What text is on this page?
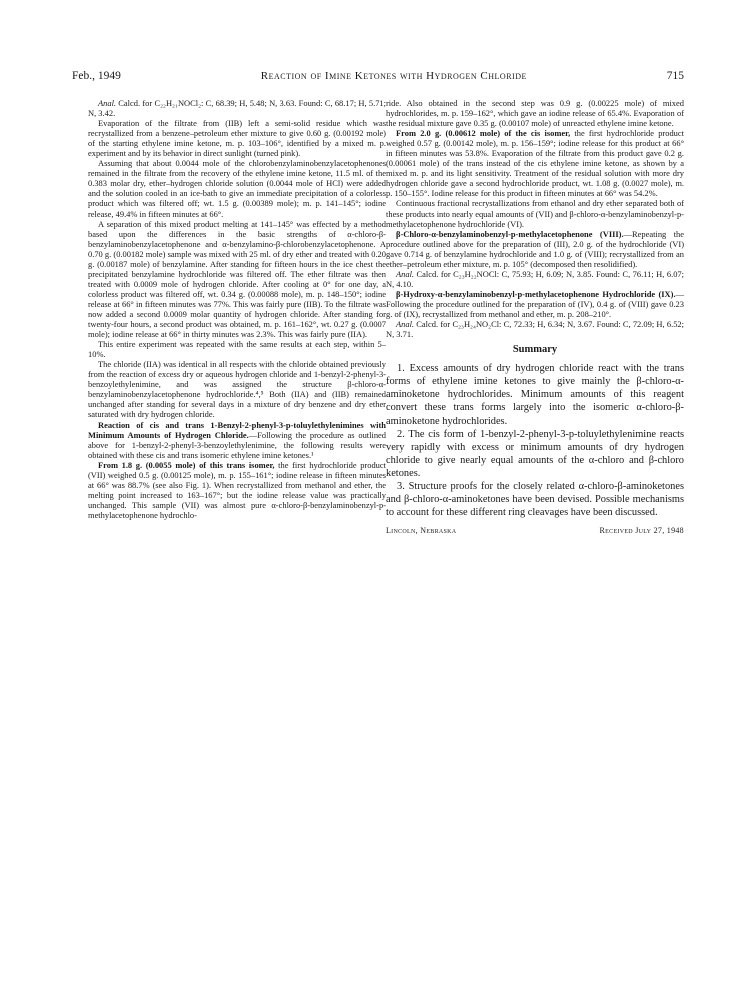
Feb., 1949	Reaction of Imine Ketones with Hydrogen Chloride	715

Anal. Calcd. for C₂₂H₂₁NOCl₂: C, 68.39; H, 5.48; N, 3.63. Found: C, 68.17; H, 5.71; N, 3.42.

Evaporation of the filtrate from (IIB) left a semi-solid residue which was recrystallized from a benzene–petroleum ether mixture to give 0.60 g. (0.00192 mole) of the starting ethylene imine ketone, m. p. 103–106°, identified by a mixed m. p. experiment and by its behavior in direct sunlight (turned pink).

Assuming that about 0.0044 mole of the chlorobenzylaminobenzylacetophenones remained in the filtrate from the recovery of the ethylene imine ketone, 11.5 ml. of the 0.383 molar dry, ether–hydrogen chloride solution (0.0044 mole of HCl) were added and the solution cooled in an ice-bath to give an immediate precipitation of a colorless product which was filtered off; wt. 1.5 g. (0.00389 mole); m. p. 141–145°; iodine release, 49.4% in fifteen minutes at 66°.

A separation of this mixed product melting at 141–145° was effected by a method based upon the differences in the basic strengths of α-chloro-β-benzylaminobenzylacetophenone and α-benzylamino-β-chlorobenzylacetophenone. A 0.70 g. (0.00182 mole) sample was mixed with 25 ml. of dry ether and treated with 0.20 g. (0.00187 mole) of benzylamine. After standing for fifteen hours in the ice chest the precipitated benzylamine hydrochloride was filtered off. The ether filtrate was then treated with 0.0009 mole of hydrogen chloride. After cooling at 0° for one day, a colorless product was filtered off, wt. 0.34 g. (0.00088 mole), m. p. 148–150°; iodine release at 66° in fifteen minutes was 77%. This was fairly pure (IIB). To the filtrate was now added a second 0.0009 molar quantity of hydrogen chloride. After standing for twenty-four hours, a second product was obtained, m. p. 161–162°, wt. 0.27 g. (0.0007 mole); iodine release at 66° in thirty minutes was 2.3%. This was fairly pure (IIA).

This entire experiment was repeated with the same results at each step, within 5–10%.

The chloride (IIA) was identical in all respects with the chloride obtained previously from the reaction of excess dry or aqueous hydrogen chloride and 1-benzyl-2-phenyl-3-benzoylethylenimine, and was assigned the structure β-chloro-α-benzylaminobenzylacetophenone hydrochloride.⁴,⁵ Both (IIA) and (IIB) remained unchanged after standing for several days in a mixture of dry benzene and dry ether saturated with dry hydrogen chloride.

Reaction of cis and trans 1-Benzyl-2-phenyl-3-p-toluylethylenimines with Minimum Amounts of Hydrogen Chloride.—Following the procedure as outlined above for 1-benzyl-2-phenyl-3-benzoylethylenimine, the following results were obtained with these cis and trans isomeric ethylene imine ketones.¹

From 1.8 g. (0.0055 mole) of this trans isomer, the first hydrochloride product (VII) weighed 0.5 g. (0.00125 mole), m. p. 155–161°; iodine release in fifteen minutes at 66° was 88.7% (see also Fig. 1). When recrystallized from methanol and ether, the melting point increased to 163–167°; but the iodine release value was practically unchanged. This sample (VII) was almost pure α-chloro-β-benzylaminobenzyl-p-methylacetophenone hydrochlo-

ride. Also obtained in the second step was 0.9 g. (0.00225 mole) of mixed hydrochlorides, m. p. 159–162°, which gave an iodine release of 65.4%. Evaporation of the residual mixture gave 0.35 g. (0.00107 mole) of unreacted ethylene imine ketone.

From 2.0 g. (0.00612 mole) of the cis isomer, the first hydrochloride product weighed 0.57 g. (0.00142 mole), m. p. 156–159°; iodine release for this product at 66° in fifteen minutes was 53.8%. Evaporation of the filtrate from this product gave 0.2 g. (0.00061 mole) of the trans instead of the cis ethylene imine ketone, as shown by a mixed m. p. and its light sensitivity. Treatment of the residual solution with more dry hydrogen chloride gave a second hydrochloride product, wt. 1.08 g. (0.0027 mole), m. p. 150–155°. Iodine release for this product in fifteen minutes at 66° was 54.2%.

Continuous fractional recrystallizations from ethanol and dry ether separated both of these products into nearly equal amounts of (VII) and β-chloro-α-benzylaminobenzyl-p-methylacetophenone hydrochloride (VI).

β-Chloro-α-benzylaminobenzyl-p-methylacetophenone (VIII).—Repeating the procedure outlined above for the preparation of (III), 2.0 g. of the hydrochloride (VI) gave 0.714 g. of benzylamine hydrochloride and 1.0 g. of (VIII); recrystallized from an ether–petroleum ether mixture, m. p. 105° (decomposed then resolidified).

Anal. Calcd. for C₂₃H₂₂NOCl: C, 75.93; H, 6.09; N, 3.85. Found: C, 76.11; H, 6.07; N, 4.10.

β-Hydroxy-α-benzylaminobenzyl-p-methylacetophenone Hydrochloride (IX).—Following the procedure outlined for the preparation of (IV), 0.4 g. of (VIII) gave 0.23 g. of (IX), recrystallized from methanol and ether, m. p. 208–210°.

Anal. Calcd. for C₂₃H₂₄NO₂Cl: C, 72.33; H, 6.34; N, 3.67. Found: C, 72.09; H, 6.52; N, 3.71.

Summary

1. Excess amounts of dry hydrogen chloride react with the trans forms of ethylene imine ketones to give mainly the β-chloro-α-aminoketone hydrochlorides. Minimum amounts of this reagent convert these trans forms largely into the isomeric α-chloro-β-aminoketone hydrochlorides.

2. The cis form of 1-benzyl-2-phenyl-3-p-toluylethylenimine reacts very rapidly with excess or minimum amounts of dry hydrogen chloride to give nearly equal amounts of the α-chloro and β-chloro ketones.

3. Structure proofs for the closely related α-chloro-β-aminoketones and β-chloro-α-aminoketones have been devised. Possible mechanisms to account for these different ring cleavages have been discussed.

Lincoln, Nebraska	Received July 27, 1948
